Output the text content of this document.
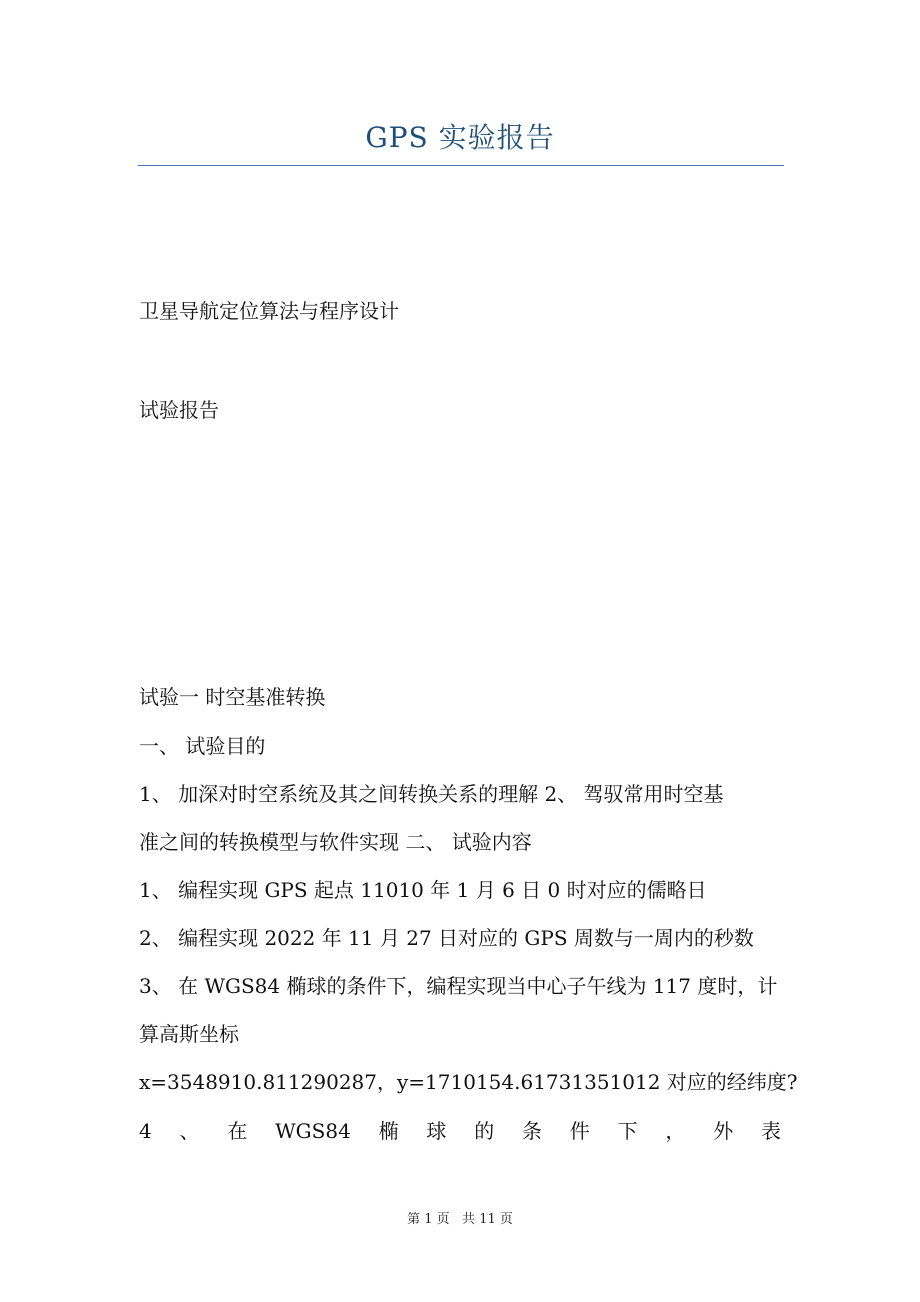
GPS 实验报告
卫星导航定位算法与程序设计
试验报告
试验一 时空基准转换
一、 试验目的
1、 加深对时空系统及其之间转换关系的理解 2、 驾驭常用时空基
准之间的转换模型与软件实现 二、 试验内容
1、 编程实现 GPS 起点 11010 年 1 月 6 日 0 时对应的儒略日
2、 编程实现 2022 年 11 月 27 日对应的 GPS 周数与一周内的秒数
3、 在 WGS84 椭球的条件下，编程实现当中心子午线为 117 度时，计
算高斯坐标
x=3548910.811290287，y=1710154.61731351012 对应的经纬度?
4 、 在 WGS84 椭 球 的 条 件 下 ， 外 表
第 1 页   共 11 页
